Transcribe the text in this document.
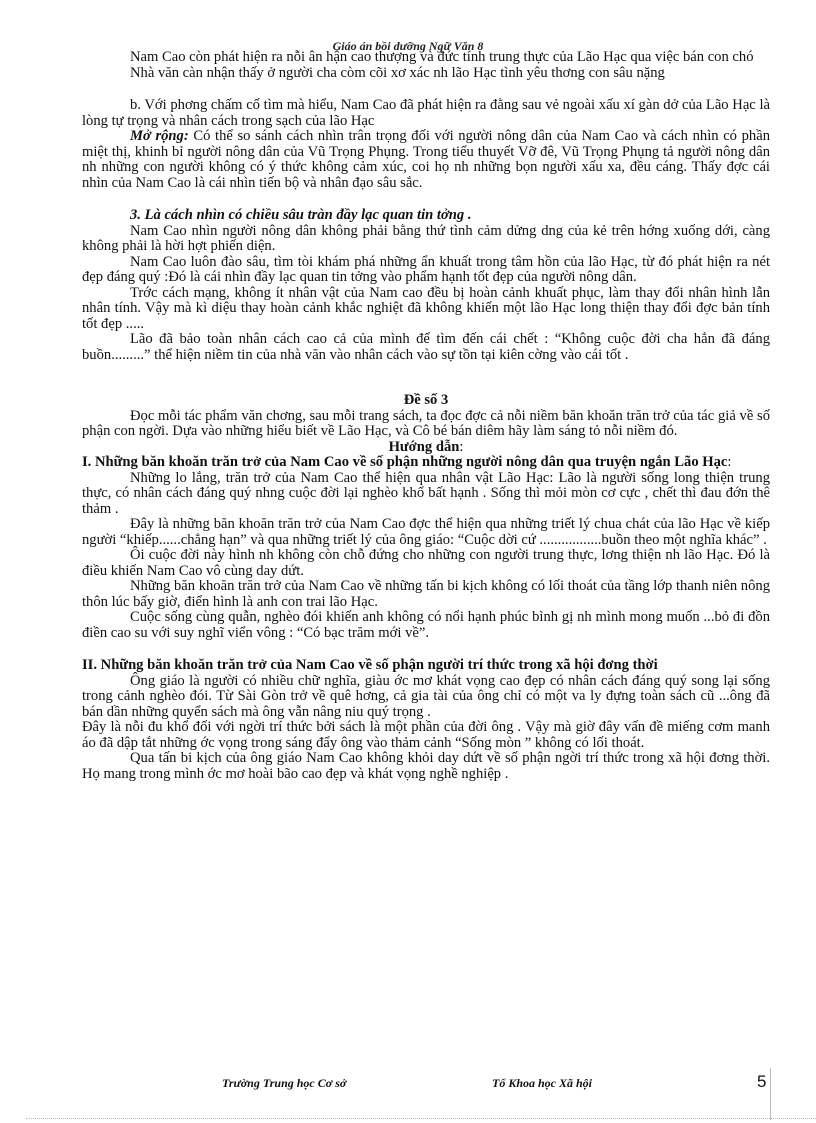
Giáo án bồi dưỡng Ngữ Văn 8

Nam Cao còn phát hiện ra nỗi ân hận cao thượng và đức tính trung thực của Lão Hạc qua việc bán con chó

Nhà văn càn nhận thấy ở người cha còm cõi xơ xác nh lão Hạc tình yêu thơng con sâu nặng

b. Với phơng chấm cố tìm mà hiểu, Nam Cao đã phát hiện ra đằng sau vẻ ngoài xấu xí gàn dở của Lão Hạc là lòng tự trọng và nhân cách trong sạch của lão Hạc

Mở rộng: Có thể so sánh cách nhìn trân trọng đối với người nông dân của Nam Cao và cách nhìn có phần miệt thị, khinh bỉ người nông dân của Vũ Trọng Phụng. Trong tiểu thuyết Vỡ đê, Vũ Trọng Phụng tả người nông dân nh những con người không có ý thức không cảm xúc, coi họ nh những bọn người xấu xa, đều cáng. Thấy đợc cái nhìn của Nam Cao là cái nhìn tiến bộ và nhân đạo sâu sắc.

3. Là cách nhìn có chiều sâu tràn đầy lạc quan tin tởng .

Nam Cao nhìn người nông dân không phải bằng thứ tình cảm dửng dng của kẻ trên hớng xuống dới, càng không phải là hời hợt phiến diện.

Nam Cao luôn đào sâu, tìm tòi khám phá những ẩn khuất trong tâm hồn của lão Hạc, từ đó phát hiện ra nét đẹp đáng quý :Đó là cái nhìn đầy lạc quan tin tởng vào phẩm hạnh tốt đẹp của người nông dân.

Trớc cách mạng, không ít nhân vật của Nam cao đều bị hoàn cảnh khuất phục, làm thay đổi nhân hình lẫn nhân tính. Vậy mà kì diệu thay hoàn cảnh khắc nghiệt đã không khiến một lão Hạc long thiện thay đổi đợc bản tính tốt đẹp .....

Lão đã bảo toàn nhân cách cao cả của mình để tìm đến cái chết : “Không cuộc đời cha hẳn đã đáng buồn.........” thể hiện niềm tin của nhà văn vào nhân cách vào sự tồn tại kiên cờng vào cái tốt .

Đề số 3

Đọc mỗi tác phẩm văn chơng, sau mỗi trang sách, ta đọc đợc cả nỗi niềm băn khoăn trăn trở của tác giả về số phận con ngời. Dựa vào những hiểu biết về Lão Hạc, và Cô bé bán diêm hãy làm sáng tỏ nỗi niềm đó.

Hướng dẫn:

I. Những băn khoăn trăn trở của Nam Cao về số phận những người nông dân qua truyện ngắn Lão Hạc:

Những lo lắng, trăn trở của Nam Cao thể hiện qua nhân vật Lão Hạc: Lão là người sống long thiện trung thực, có nhân cách đáng quý nhng cuộc đời lại nghèo khổ bất hạnh . Sống thì mỏi mòn cơ cực , chết thì đau đớn thê thảm .

Đây là những băn khoăn trăn trở của Nam Cao đợc thể hiện qua những triết lý chua chát của lão Hạc về kiếp người “khiếp......chẳng hạn” và qua những triết lý của ông giáo: “Cuộc dời cứ .................buồn theo một nghĩa khác” .

Ôi cuộc đời này hình nh không còn chỗ đứng cho những con người trung thực, lơng thiện nh lão Hạc. Đó là điều khiến Nam Cao vô cùng day dứt.

Những băn khoăn trăn trở của Nam Cao về những tấn bi kịch không có lối thoát của tầng lớp thanh niên nông thôn lúc bấy giờ, điển hình là anh con trai lão Hạc.

Cuộc sống cùng quẫn, nghèo đói khiến anh không có nổi hạnh phúc bình gị nh mình mong muốn ...bỏ đi đồn điền cao su với suy nghĩ viển vông : “Có bạc trăm mới về”.

II. Những băn khoăn trăn trở của Nam Cao về số phận người trí thức trong xã hội đơng thời

Ông giáo là người có nhiều chữ nghĩa, giàu ớc mơ khát vọng cao đẹp có nhân cách đáng quý song lại sống trong cảnh nghèo đói. Từ Sài Gòn trở về quê hơng, cả gia tài của ông chỉ có một va ly đựng toàn sách cũ ...ông đã bán dần những quyển sách mà ông vẫn nâng niu quý trọng .

Đây là nỗi đu khổ đối với ngời trí thức bởi sách là một phần của đời ông . Vậy mà giờ đây vấn đề miếng cơm manh áo đã dập tắt những ớc vọng trong sáng đẩy ông vào thảm cảnh “Sống mòn ” không có lối thoát.

Qua tấn bi kịch của ông giáo Nam Cao không khỏi day dứt về số phận ngời trí thức trong xã hội đơng thời. Họ mang trong mình ớc mơ hoài bão cao đẹp và khát vọng nghề nghiệp .

Trường Trung học Cơ sở	Tổ Khoa học Xã hội	5
